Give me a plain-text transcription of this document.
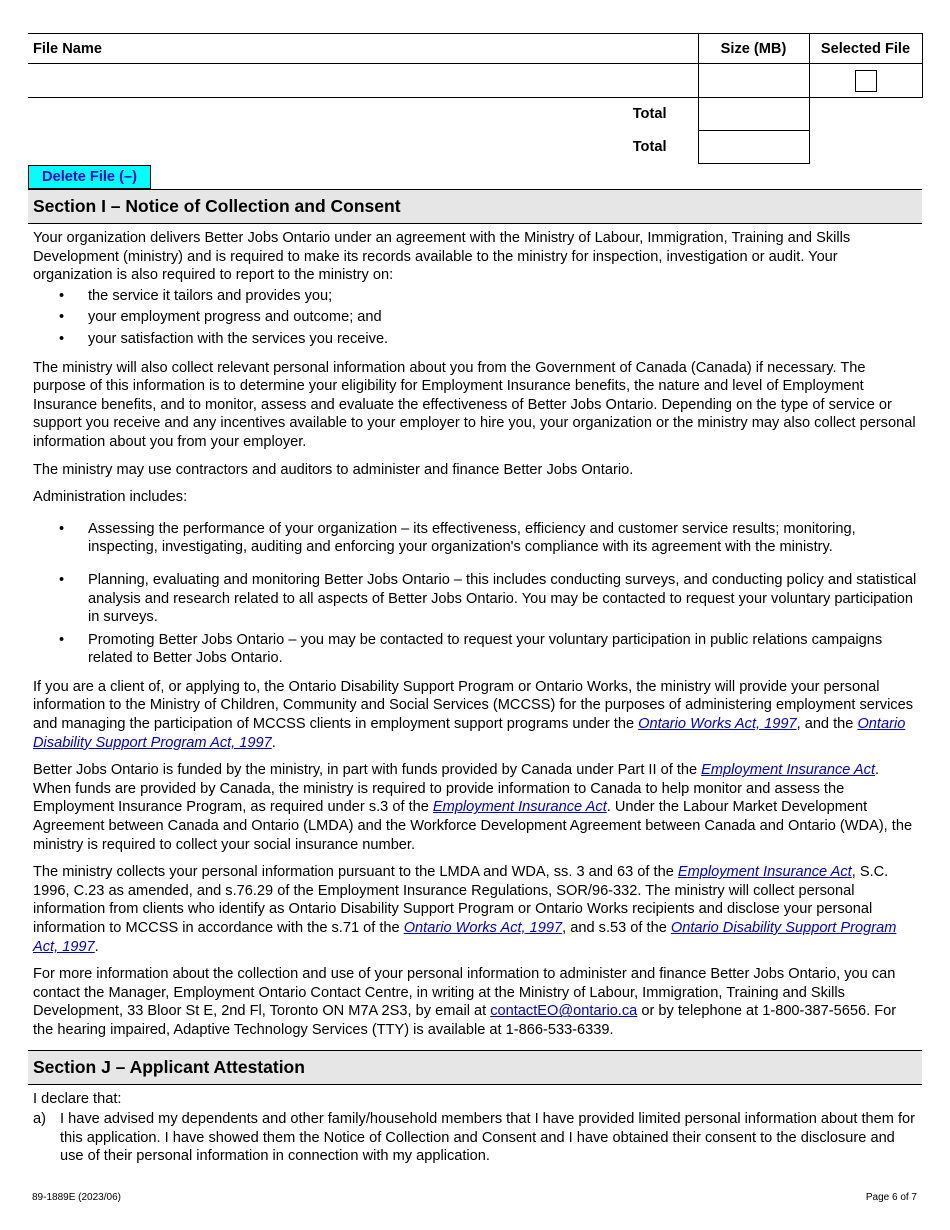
File Name	Size (MB)	Selected File

Total		
Total		
Delete File (–)
Section I – Notice of Collection and Consent

Your organization delivers Better Jobs Ontario under an agreement with the Ministry of Labour, Immigration, Training and Skills Development (ministry) and is required to make its records available to the ministry for inspection, investigation or audit. Your organization is also required to report to the ministry on:

• the service it tailors and provides you;
• your employment progress and outcome; and
• your satisfaction with the services you receive.

The ministry will also collect relevant personal information about you from the Government of Canada (Canada) if necessary. The purpose of this information is to determine your eligibility for Employment Insurance benefits, the nature and level of Employment Insurance benefits, and to monitor, assess and evaluate the effectiveness of Better Jobs Ontario. Depending on the type of service or support you receive and any incentives available to your employer to hire you, your organization or the ministry may also collect personal information about you from your employer.

The ministry may use contractors and auditors to administer and finance Better Jobs Ontario.

Administration includes:

• Assessing the performance of your organization – its effectiveness, efficiency and customer service results; monitoring, inspecting, investigating, auditing and enforcing your organization's compliance with its agreement with the ministry.
• Planning, evaluating and monitoring Better Jobs Ontario – this includes conducting surveys, and conducting policy and statistical analysis and research related to all aspects of Better Jobs Ontario. You may be contacted to request your voluntary participation in surveys.
• Promoting Better Jobs Ontario – you may be contacted to request your voluntary participation in public relations campaigns related to Better Jobs Ontario.

If you are a client of, or applying to, the Ontario Disability Support Program or Ontario Works, the ministry will provide your personal information to the Ministry of Children, Community and Social Services (MCCSS) for the purposes of administering employment services and managing the participation of MCCSS clients in employment support programs under the Ontario Works Act, 1997, and the Ontario Disability Support Program Act, 1997.

Better Jobs Ontario is funded by the ministry, in part with funds provided by Canada under Part II of the Employment Insurance Act. When funds are provided by Canada, the ministry is required to provide information to Canada to help monitor and assess the Employment Insurance Program, as required under s.3 of the Employment Insurance Act. Under the Labour Market Development Agreement between Canada and Ontario (LMDA) and the Workforce Development Agreement between Canada and Ontario (WDA), the ministry is required to collect your social insurance number.

The ministry collects your personal information pursuant to the LMDA and WDA, ss. 3 and 63 of the Employment Insurance Act, S.C. 1996, C.23 as amended, and s.76.29 of the Employment Insurance Regulations, SOR/96-332. The ministry will collect personal information from clients who identify as Ontario Disability Support Program or Ontario Works recipients and disclose your personal information to MCCSS in accordance with the s.71 of the Ontario Works Act, 1997, and s.53 of the Ontario Disability Support Program Act, 1997.

For more information about the collection and use of your personal information to administer and finance Better Jobs Ontario, you can contact the Manager, Employment Ontario Contact Centre, in writing at the Ministry of Labour, Immigration, Training and Skills Development, 33 Bloor St E, 2nd Fl, Toronto ON M7A 2S3, by email at contactEO@ontario.ca or by telephone at 1-800-387-5656. For the hearing impaired, Adaptive Technology Services (TTY) is available at 1-866-533-6339.

Section J – Applicant Attestation

I declare that:

a) I have advised my dependents and other family/household members that I have provided limited personal information about them for this application. I have showed them the Notice of Collection and Consent and I have obtained their consent to the disclosure and use of their personal information in connection with my application.
89-1889E (2023/06)	Page 6 of 7
